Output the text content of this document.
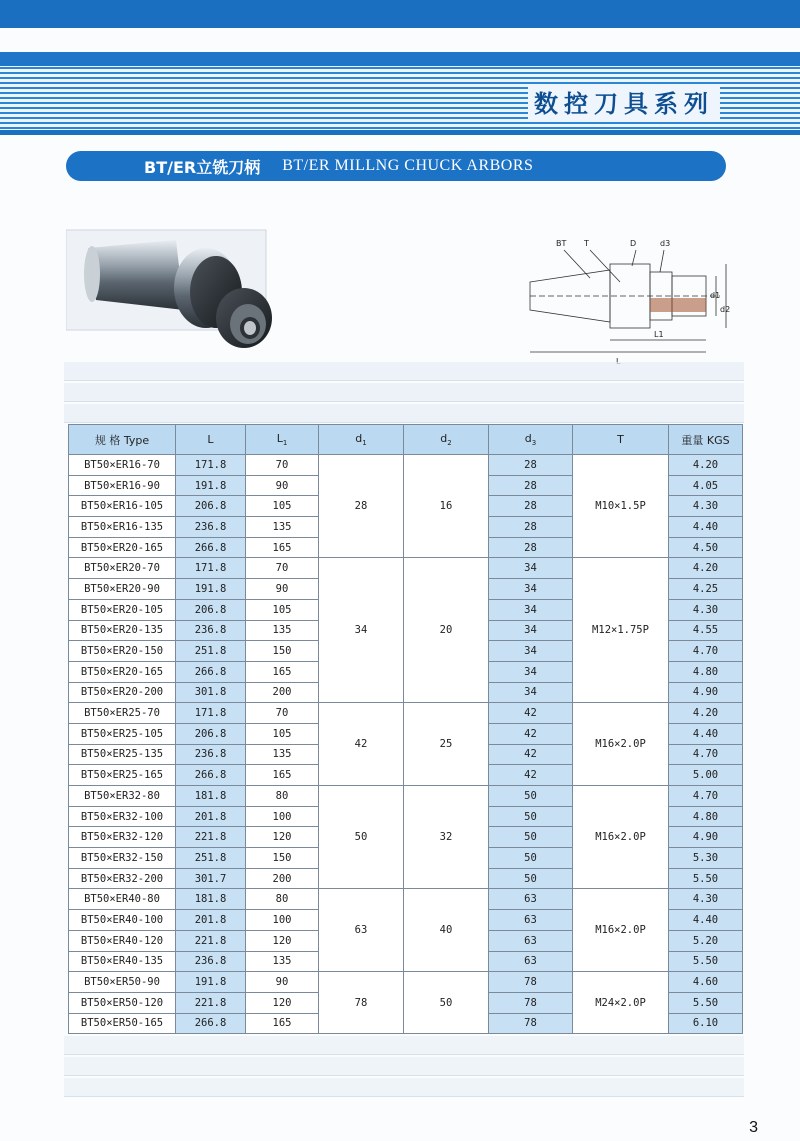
数控刀具系列
BT/ER立铣刀柄 BT/ER MILLNG CHUCK ARBORS
BT T	D	d3
d1
d2
L1
规 格 Type	L	$L_1$	$d_1$	$d_2$	$d_3$	T	重量 KGS
BT50×ER16-70	171.8	70	28	16	28	M10×1.5P	4.20
BT50×ER16-90	191.8	90			28		4.05
BT50×ER16-105	206.8	105			28		4.30
BT50×ER16-135	236.8	135			28		4.40
BT50×ER20-165	266.8	165			28		4.50
BT50×ER20-70	171.8	70	34	20	34	M12×1.75P	4.20
BT50×ER20-90	191.8	90			34		4.25
BT50×ER20-105	206.8	105			34		4.30
BT50×ER20-135	236.8	135			34		4.55
BT50×ER20-150	251.8	150			34		4.70
BT50×ER20-165	266.8	165			34		4.80
BT50×ER20-200	301.8	200			34		4.90
BT50×ER25-70	171.8	70	42	25	42	M16×2.0P	4.20
BT50×ER25-105	206.8	105			42		4.40
BT50×ER25-135	236.8	135			42		4.70
BT50×ER25-165	266.8	165			42		5.00
BT50×ER32-80	181.8	80	50	32	50	M16×2.0P	4.70
BT50×ER32-100	201.8	100			50		4.80
BT50×ER32-120	221.8	120			50		4.90
BT50×ER32-150	251.8	150			50		5.30
BT50×ER32-200	301.7	200			50		5.50
BT50×ER40-80	181.8	80	63	40	63	M16×2.0P	4.30
BT50×ER40-100	201.8	100			63		4.40
BT50×ER40-120	221.8	120			63		5.20
BT50×ER40-135	236.8	135			63		5.50
BT50×ER50-90	191.8	90	78	50	78	M24×2.0P	4.60
BT50×ER50-120	221.8	120			78		5.50
BT50×ER50-165	266.8	165			78		6.10
3
